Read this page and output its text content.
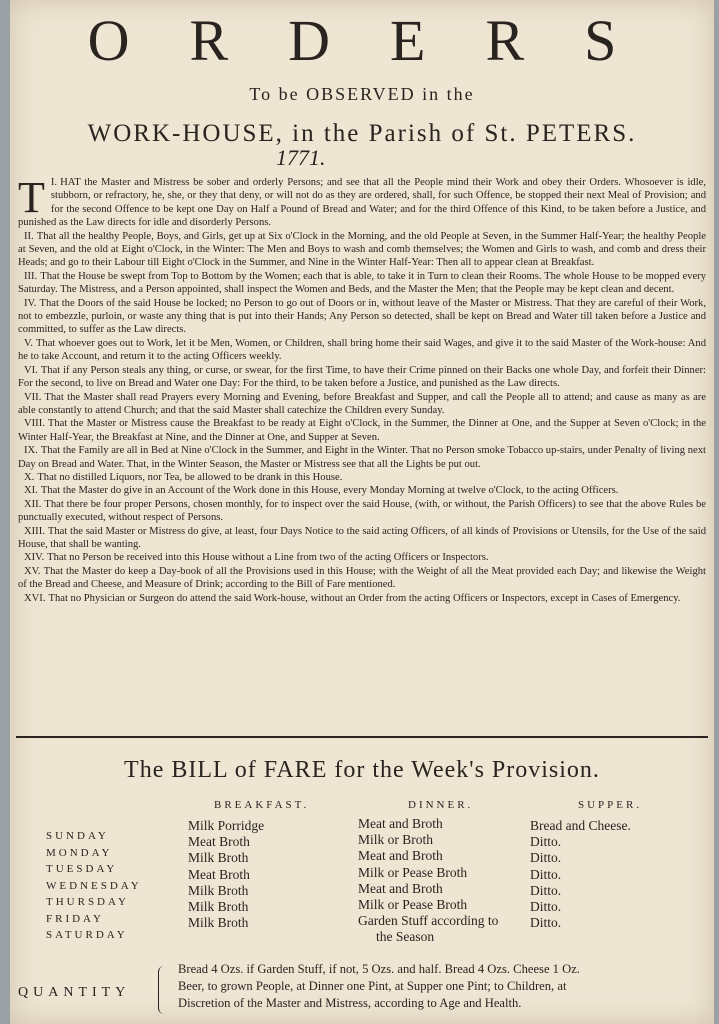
ORDERS
To be OBSERVED in the
WORK-HOUSE, in the Parish of St. PETERS.
1771.
I.
T HAT the Master and Mistress be sober and orderly Persons; and see that all the People mind their Work and obey their Orders. Whosoever is idle, stubborn, or refractory, he, she, or they that deny, or will not do as they are ordered, shall, for such Offence, be stopped their next Meal of Provision; and for the second Offence to be kept one Day on Half a Pound of Bread and Water; and for the third Offence of this Kind, to be taken before a Justice, and punished as the Law directs for idle and disorderly Persons.
II. That all the healthy People, Boys, and Girls, get up at Six o'Clock in the Morning, and the old People at Seven, in the Summer Half-Year; the healthy People at Seven, and the old at Eight o'Clock, in the Winter: The Men and Boys to wash and comb themselves; the Women and Girls to wash, and comb and dress their Heads; and go to their Labour till Eight o'Clock in the Summer, and Nine in the Winter Half-Year: Then all to appear clean at Breakfast.
III. That the House be swept from Top to Bottom by the Women; each that is able, to take it in Turn to clean their Rooms. The whole House to be mopped every Saturday. The Mistress, and a Person appointed, shall inspect the Women and Beds, and the Master the Men; that the People may be kept clean and decent.
IV. That the Doors of the said House be locked; no Person to go out of Doors or in, without leave of the Master or Mistress. That they are careful of their Work, not to embezzle, purloin, or waste any thing that is put into their Hands; Any Person so detected, shall be kept on Bread and Water till taken before a Justice and committed, to suffer as the Law directs.
V. That whoever goes out to Work, let it be Men, Women, or Children, shall bring home their said Wages, and give it to the said Master of the Work-house: And he to take Account, and return it to the acting Officers weekly.
VI. That if any Person steals any thing, or curse, or swear, for the first Time, to have their Crime pinned on their Backs one whole Day, and forfeit their Dinner: For the second, to live on Bread and Water one Day: For the third, to be taken before a Justice, and punished as the Law directs.
VII. That the Master shall read Prayers every Morning and Evening, before Breakfast and Supper, and call the People all to attend; and cause as many as are able constantly to attend Church; and that the said Master shall catechize the Children every Sunday.
VIII. That the Master or Mistress cause the Breakfast to be ready at Eight o'Clock, in the Summer, the Dinner at One, and the Supper at Seven o'Clock; in the Winter Half-Year, the Breakfast at Nine, and the Dinner at One, and Supper at Seven.
IX. That the Family are all in Bed at Nine o'Clock in the Summer, and Eight in the Winter. That no Person smoke Tobacco up-stairs, under Penalty of living next Day on Bread and Water. That, in the Winter Season, the Master or Mistress see that all the Lights be put out.
X. That no distilled Liquors, nor Tea, be allowed to be drank in this House.
XI. That the Master do give in an Account of the Work done in this House, every Monday Morning at twelve o'Clock, to the acting Officers.
XII. That there be four proper Persons, chosen monthly, for to inspect over the said House, (with, or without, the Parish Officers) to see that the above Rules be punctually executed, without respect of Persons.
XIII. That the said Master or Mistress do give, at least, four Days Notice to the said acting Officers, of all kinds of Provisions or Utensils, for the Use of the said House, that shall be wanting.
XIV. That no Person be received into this House without a Line from two of the acting Officers or Inspectors.
XV. That the Master do keep a Day-book of all the Provisions used in this House; with the Weight of all the Meat provided each Day; and likewise the Weight of the Bread and Cheese, and Measure of Drink; according to the Bill of Fare mentioned.
XVI. That no Physician or Surgeon do attend the said Work-house, without an Order from the acting Officers or Inspectors, except in Cases of Emergency.
The BILL of FARE for the Week's Provision.
BREAKFAST.	DINNER.	SUPPER.
SUNDAY
MONDAY
TUESDAY
WEDNESDAY
THURSDAY
FRIDAY
SATURDAY
Milk Porridge
Meat Broth
Milk Broth
Meat Broth
Milk Broth
Milk Broth
Milk Broth
Meat and Broth
Milk or Broth
Meat and Broth
Milk or Pease Broth
Meat and Broth
Milk or Pease Broth
Garden Stuff according to
the Season
Bread and Cheese.
Ditto.
Ditto.
Ditto.
Ditto.
Ditto.
Ditto.
QUANTITY
Bread 4 Ozs. if Garden Stuff, if not, 5 Ozs. and half. Bread 4 Ozs. Cheese 1 Oz.
Beer, to grown People, at Dinner one Pint, at Supper one Pint; to Children, at
Discretion of the Master and Mistress, according to Age and Health.
